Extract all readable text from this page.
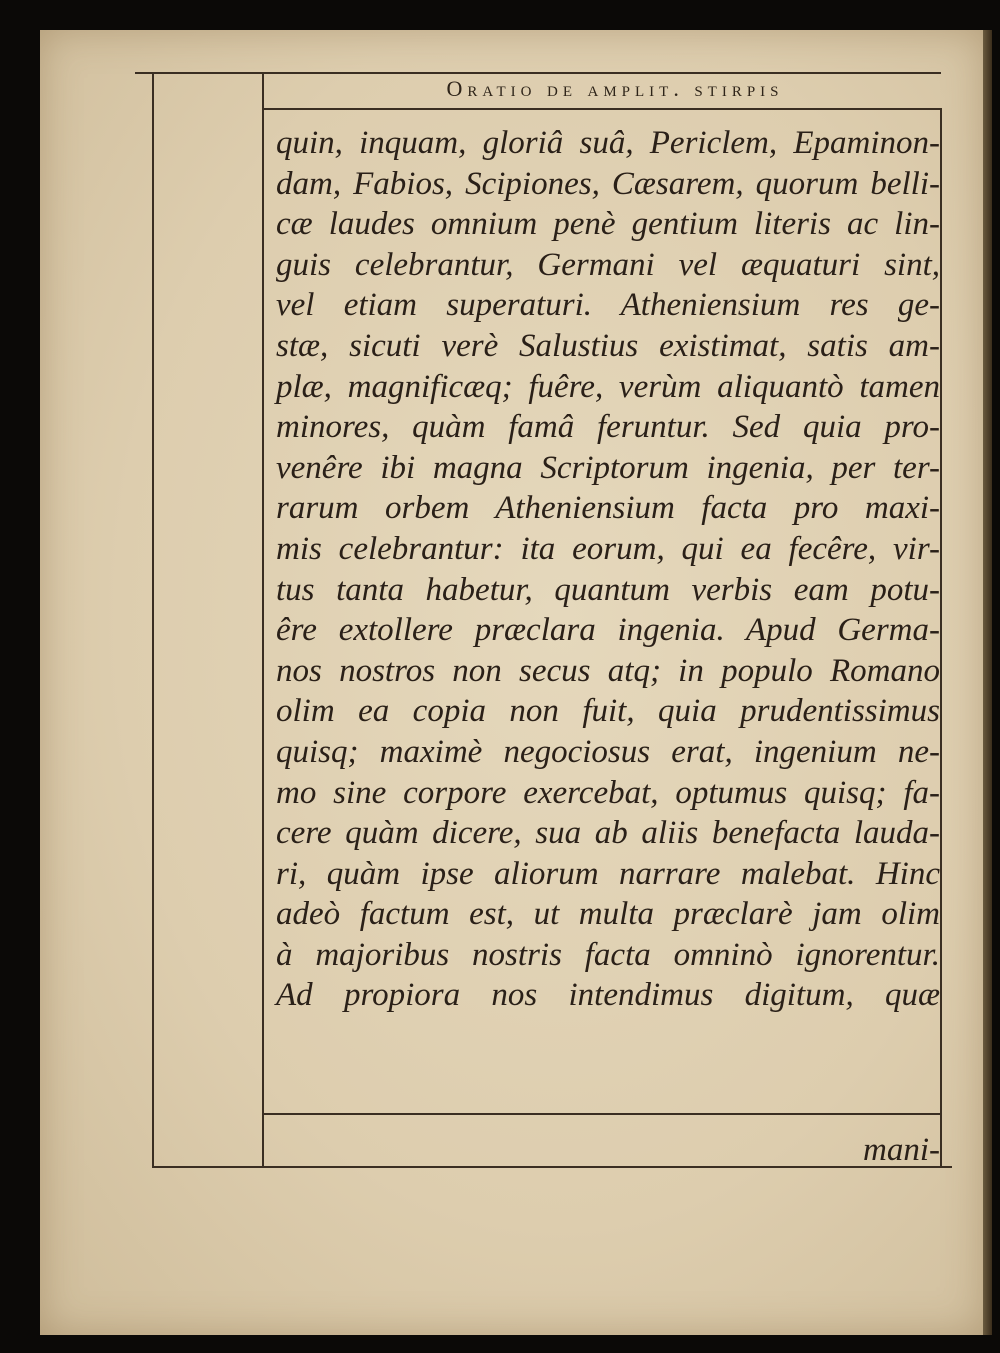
Oratio de amplit. stirpis
quin, inquam, gloriâ suâ, Periclem, Epaminon-
dam, Fabios, Scipiones, Cæsarem, quorum belli-
cæ laudes omnium penè gentium literis ac lin-
guis celebrantur, Germani vel æquaturi sint,
vel etiam superaturi. Atheniensium res ge-
stæ, sicuti verè Salustius existimat, satis am-
plæ, magnificæq; fuêre, verùm aliquantò tamen
minores, quàm famâ feruntur. Sed quia pro-
venêre ibi magna Scriptorum ingenia, per ter-
rarum orbem Atheniensium facta pro maxi-
mis celebrantur: ita eorum, qui ea fecêre, vir-
tus tanta habetur, quantum verbis eam potu-
êre extollere præclara ingenia. Apud Germa-
nos nostros non secus atq; in populo Romano
olim ea copia non fuit, quia prudentissimus
quisq; maximè negociosus erat, ingenium ne-
mo sine corpore exercebat, optumus quisq; fa-
cere quàm dicere, sua ab aliis benefacta lauda-
ri, quàm ipse aliorum narrare malebat. Hinc
adeò factum est, ut multa præclarè jam olim
à majoribus nostris facta omninò ignorentur.
Ad propiora nos intendimus digitum, quæ
mani-
